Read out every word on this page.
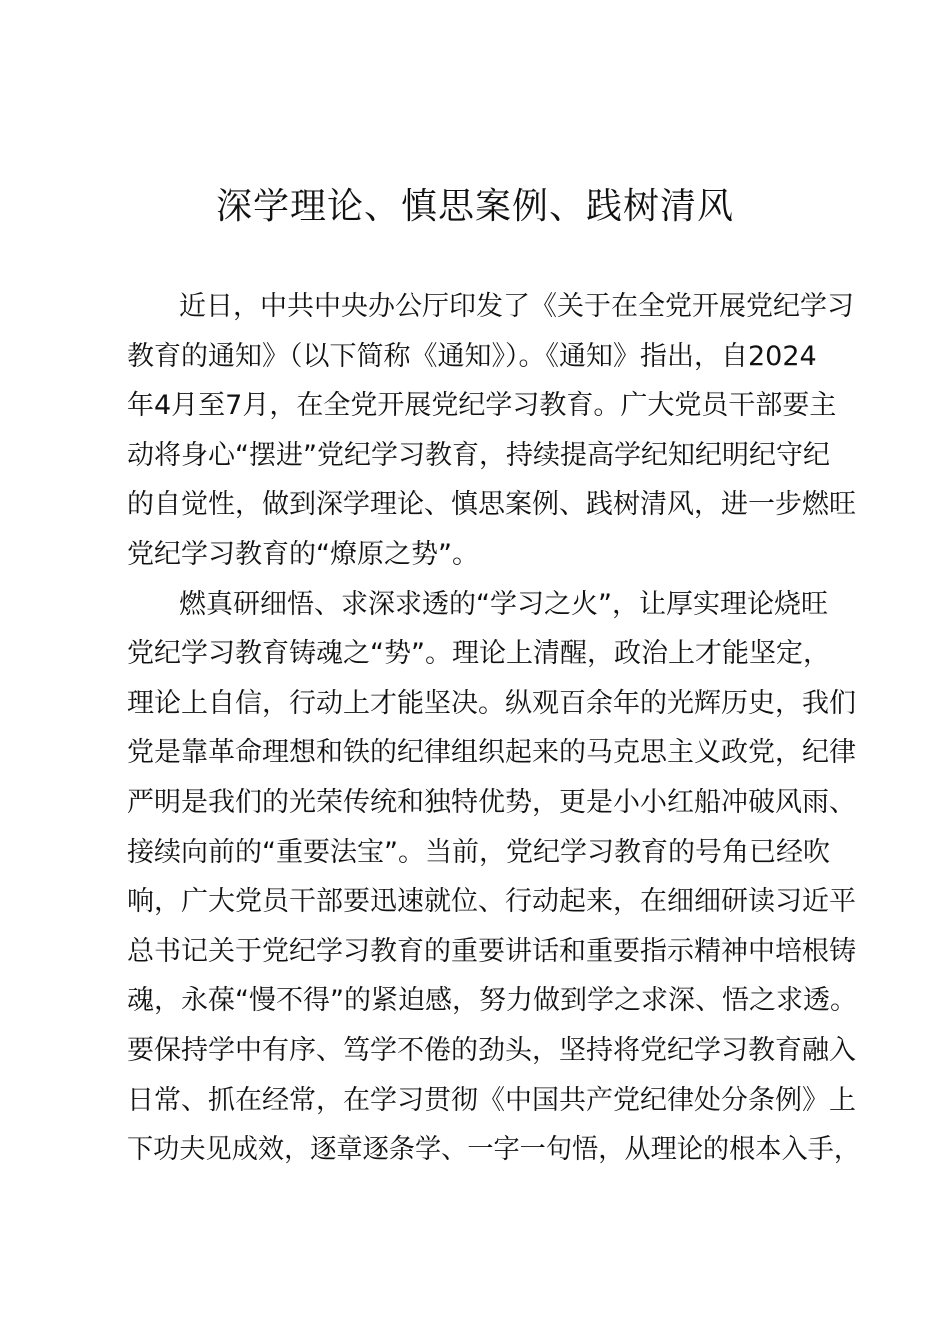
深学理论、慎思案例、践树清风

近日，中共中央办公厅印发了《关于在全党开展党纪学习

教育的通知》（以下简称《通知》）。《通知》指出，自2024

年4月至7月，在全党开展党纪学习教育。广大党员干部要主

动将身心“摆进”党纪学习教育，持续提高学纪知纪明纪守纪

的自觉性，做到深学理论、慎思案例、践树清风，进一步燃旺

党纪学习教育的“燎原之势”。

燃真研细悟、求深求透的“学习之火”，让厚实理论烧旺

党纪学习教育铸魂之“势”。理论上清醒，政治上才能坚定，

理论上自信，行动上才能坚决。纵观百余年的光辉历史，我们

党是靠革命理想和铁的纪律组织起来的马克思主义政党，纪律

严明是我们的光荣传统和独特优势，更是小小红船冲破风雨、

接续向前的“重要法宝”。当前，党纪学习教育的号角已经吹

响，广大党员干部要迅速就位、行动起来，在细细研读习近平

总书记关于党纪学习教育的重要讲话和重要指示精神中培根铸

魂，永葆“慢不得”的紧迫感，努力做到学之求深、悟之求透。

要保持学中有序、笃学不倦的劲头，坚持将党纪学习教育融入

日常、抓在经常，在学习贯彻《中国共产党纪律处分条例》上

下功夫见成效，逐章逐条学、一字一句悟，从理论的根本入手，
